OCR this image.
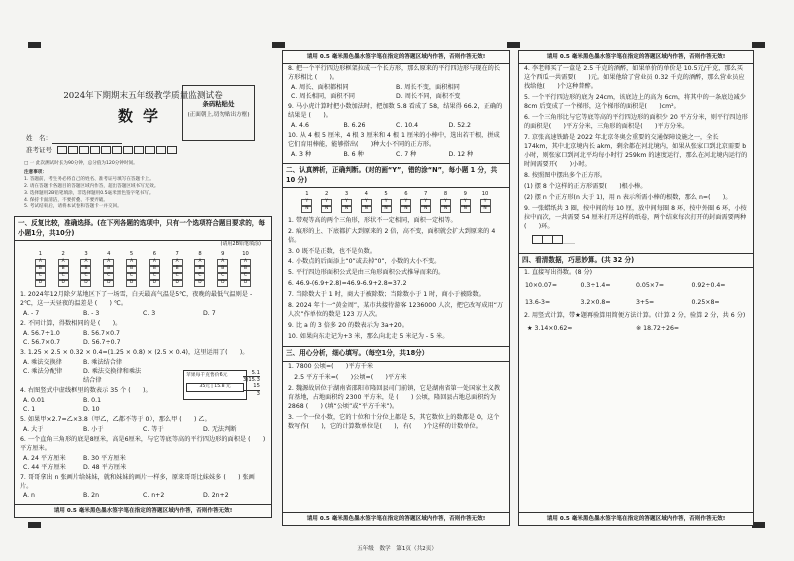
2024年下期期末五年级教学质量监测试卷
数学
姓　名：
准考证号
□ 一 此次测试时长为90分钟，总分值为120分钟时间。
注意事项：
1. 答题前，考生务必将自己的姓名、准考证号填写在答题卡上。
2. 请在答题卡各题目的答题区域内作答，超出答题区域书写无效。
3. 选择题用2B铅笔填涂，非选择题用0.5毫米黑色签字笔书写。
4. 保持卡面清洁，不要折叠、不要弄破。
5. 考试结束后，请将本试卷和答题卡一并交回。
条码粘贴处
(正面朝上,切勿贴出方框)
一、反复比较，准确选择。(在下列各题的选项中，只有一个选项符合题目要求的，每小题1分，共10分)
(请用2B铅笔填涂)
1
A
B
C
D
2
A
B
C
D
3
A
B
C
D
4
A
B
C
D
5
A
B
C
D
6
A
B
C
D
7
A
B
C
D
8
A
B
C
D
9
A
B
C
D
10
A
B
C
D
1. 2024年12月除夕某地区下了一场雪，白天最高气温是5℃，夜晚的最低气温则是 - 2℃，这一天昼夜的温差是 (　　) ℃。
A. - 7	B. - 3	C. 3	D. 7
2. 不同计算，得数相同的是 (　　)。
A. 56.7÷1.0	B. 56.7×0.7
C. 56.7×0.7	D. 56.7÷0.7
3. 1.25 × 2.5 × 0.32 × 0.4=(1.25 × 0.8) × (2.5 × 0.4)，这里运用了(　　)。
A. 乘法交换律	B. 乘法结合律
C. 乘法分配律	D. 乘法交换律和乘法结合律
4. 右图竖式中虚线框里的数表示 35 个 (　　)。
A. 0.01	B. 0.1
C. 1	D. 10
5. 如果甲×2.7=乙×3.8（甲乙，乙都不等于 0），那么甲 (　　) 乙。
A. 大于	B. 小于	C. 等于	D. 无法判断
6. 一个直角三角形的底是8厘米，高是6厘米，与它等底等高的平行四边形的面积是 (　　) 平方厘米。
A. 24 平方厘米	B. 30 平方厘米
C. 44 平方厘米	D. 48 平方厘米
7. 哥哥拿出 n 张画片给妹妹，就和妹妹的画片一样多，原来哥哥比妹妹多 (　　) 张画片。
A. n	B. 2n	C. n+2	D. 2n+2
请用 0.5 毫米黑色墨水签字笔在指定的答题区域内作答，否则作答无效!
苹果每千克售价6元
35元 | 15.8 元
5.1
3)15.3
15
3
请用 0.5 毫米黑色墨水签字笔在指定的答题区域内作答，否则作答无效!
8. 把一个平行四边形框架拉成一个长方形，那么原来的平行四边形与现在的长方形相比 (　　)。
A. 周长、面积都相同	B. 周长不变，面积相同
C. 周长相同，面积不同	D. 周长不同，面积不变
9. 马小虎计算时把小数加法时，把加数 5.8 看成了 58，结果得 66.2，正确的结果是 (　　)。
A. 4.6	B. 6.26	C. 10.4	D. 52.2
10. 从 4 根 5 厘米，4 根 3 厘米和 4 根 1 厘米的小棒中，选出若干根，拼成它们育用棒能，能够搭出(　　)种大小不同的正方形。
A. 3 种	B. 6 种	C. 7 种	D. 12 种
二、认真辨析，正确判断。(对的画“Y”，错的涂“N”，每小题 1 分，共10 分)
1
Y
N
2
Y
N
3
Y
N
4
Y
N
5
Y
N
6
Y
N
7
Y
N
8
Y
N
9
Y
N
10
Y
N
1. 带观等高的两个三角形，形状不一定相同，面积一定相等。
2. 痕形的上、下底都扩大到原来的 2 倍，高不变，面积就会扩大到原来的 4 倍。
3. 0 既不是正数，也不是负数。
4. 小数点的后面添上“0”或去掉“0”，小数的大小不变。
5. 平行四边形面积公式是由三角形面积公式推导而来的。
6. 46.9-(6.9+2.8)=46.9-6.9+2.8=37.2
7. 当除数大于 1 时，商大于被除数；当除数小于 1 时，商小于被除数。
8. 2024 年十一“黄金周”，某市共接待游客 1236000 人次，把它改写成用“万人次”作单位的数是 123 万人次。
9. 比 a 的 3 倍多 20 的数表示为 3a+20。
10. 如果向东走记为+3 米，那么向北走 5 米记为 - 5 米。
三、用心分析，细心填写。（每空1分，共18分）
1. 7800 公顷=(　　)平方千米
　2.5 平方千米=(　　)公顷=(　　)平方米
2. 魏源故居位于湖南省邵阳市隆回县司门前镇，它是湖南省第一处国家主义教育基地，占地面积约 2300 平方米，是 (　　) 公顷，隆回县占地总面积约为 2868 (　　) (填“公顷”或“平方千米”)。
3. 一个一位小数，它的十位和十分位上都是 5，其它数位上的数都是 0，这个数写作(　　)，它的计算数单位是(　　)，有(　　)个这样的计数单位。
请用 0.5 毫米黑色墨水签字笔在指定的答题区域内作答，否则作答无效!
请用 0.5 毫米黑色墨水签字笔在指定的答题区域内作答，否则作答无效!
4. 李老师买了一盒是 2.5 千克的酒醉，如果单价的单价是 10.5元/千克，那么买这个西瓜一共需要(　　)元。如果他给了营业员 0.32 千克的酒醉，那么营业员应找给他(　　)个这种普醉。
5. 一个平行四边形的底为 24cm，该底边上的高为 6cm，将其中的一条底边减少 8cm 后变成了一个梯形，这个梯形的面积是(　　)cm²。
6. 一个三角形比与它等底等高的平行四边形的面积少 20 平方分米，则平行四边形的面积是(　　)平方分米，三角形的面积是(　　)平方分米。
7. 京张高速铁路是 2022 年北京冬奥会重要的交通保障设施之一，全长 174km，其中北京境内长 akm，剩余都在河北境内，如果从张家口到北京需要 b 小时，则张家口到河北平均每小时行 259km 的速度运行，那么在河北境内运行的时间需要开(　　)小时。
8. 按照图中摆出多个正方形。
(1) 摆 8 个这样的正方形需要(　　)根小棒。
(2) 摆 n 个正方形(n 大于 1)，用 n 表示所需小棒的根数，那么 n=(　　)。
9. 一张蜡纸共 3 圈，按中间的每 10 厘，放中间每圈 8 环，按中外圈 6 环，小按拉中而次，一共需要 54 厘米打开这样的纸卷，两个结束每次打开的封面需要两种(　　)环。
……
四、看清数据，巧思妙算。(共 32 分)
1. 直接写出得数。(8 分)
10×0.07=	0.3÷1.4=	0.05×7=	0.92÷0.4=
13.6-3=	3.2×0.8=	3+5=	0.25×8=
2. 用竖式计算，带★题再验算用简便方法计算。(计算 2 分，验算 2 分，共 6 分)
★ 3.14×0.62≈	※ 18.72÷26=
请用 0.5 毫米黑色墨水签字笔在指定的答题区域内作答，否则作答无效!
五年级　数学　第1页（共2页）
